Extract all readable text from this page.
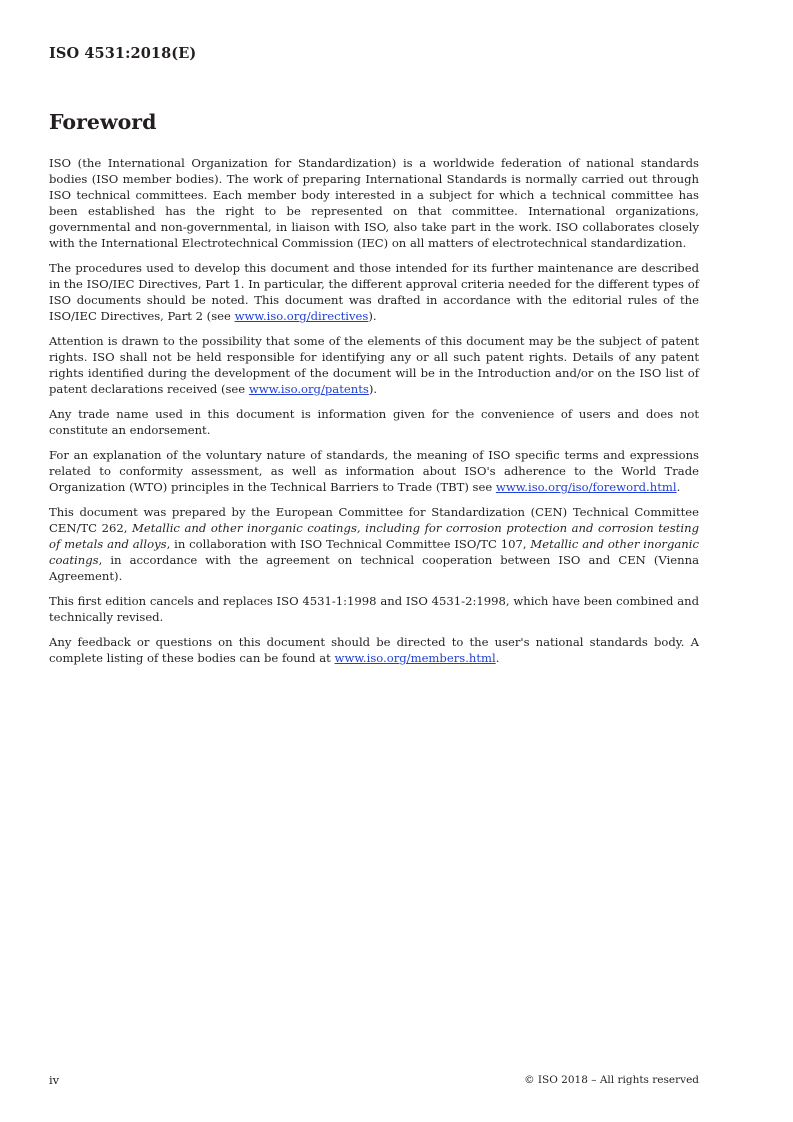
ISO 4531:2018(E)

Foreword

ISO (the International Organization for Standardization) is a worldwide federation of national standards bodies (ISO member bodies). The work of preparing International Standards is normally carried out through ISO technical committees. Each member body interested in a subject for which a technical committee has been established has the right to be represented on that committee. International organizations, governmental and non-governmental, in liaison with ISO, also take part in the work. ISO collaborates closely with the International Electrotechnical Commission (IEC) on all matters of electrotechnical standardization.

The procedures used to develop this document and those intended for its further maintenance are described in the ISO/IEC Directives, Part 1. In particular, the different approval criteria needed for the different types of ISO documents should be noted. This document was drafted in accordance with the editorial rules of the ISO/IEC Directives, Part 2 (see www.iso.org/directives).

Attention is drawn to the possibility that some of the elements of this document may be the subject of patent rights. ISO shall not be held responsible for identifying any or all such patent rights. Details of any patent rights identified during the development of the document will be in the Introduction and/or on the ISO list of patent declarations received (see www.iso.org/patents).

Any trade name used in this document is information given for the convenience of users and does not constitute an endorsement.

For an explanation of the voluntary nature of standards, the meaning of ISO specific terms and expressions related to conformity assessment, as well as information about ISO's adherence to the World Trade Organization (WTO) principles in the Technical Barriers to Trade (TBT) see www.iso.org/iso/foreword.html.

This document was prepared by the European Committee for Standardization (CEN) Technical Committee CEN/TC 262, Metallic and other inorganic coatings, including for corrosion protection and corrosion testing of metals and alloys, in collaboration with ISO Technical Committee ISO/TC 107, Metallic and other inorganic coatings, in accordance with the agreement on technical cooperation between ISO and CEN (Vienna Agreement).

This first edition cancels and replaces ISO 4531-1:1998 and ISO 4531-2:1998, which have been combined and technically revised.

Any feedback or questions on this document should be directed to the user's national standards body. A complete listing of these bodies can be found at www.iso.org/members.html.

iv	© ISO 2018 – All rights reserved
